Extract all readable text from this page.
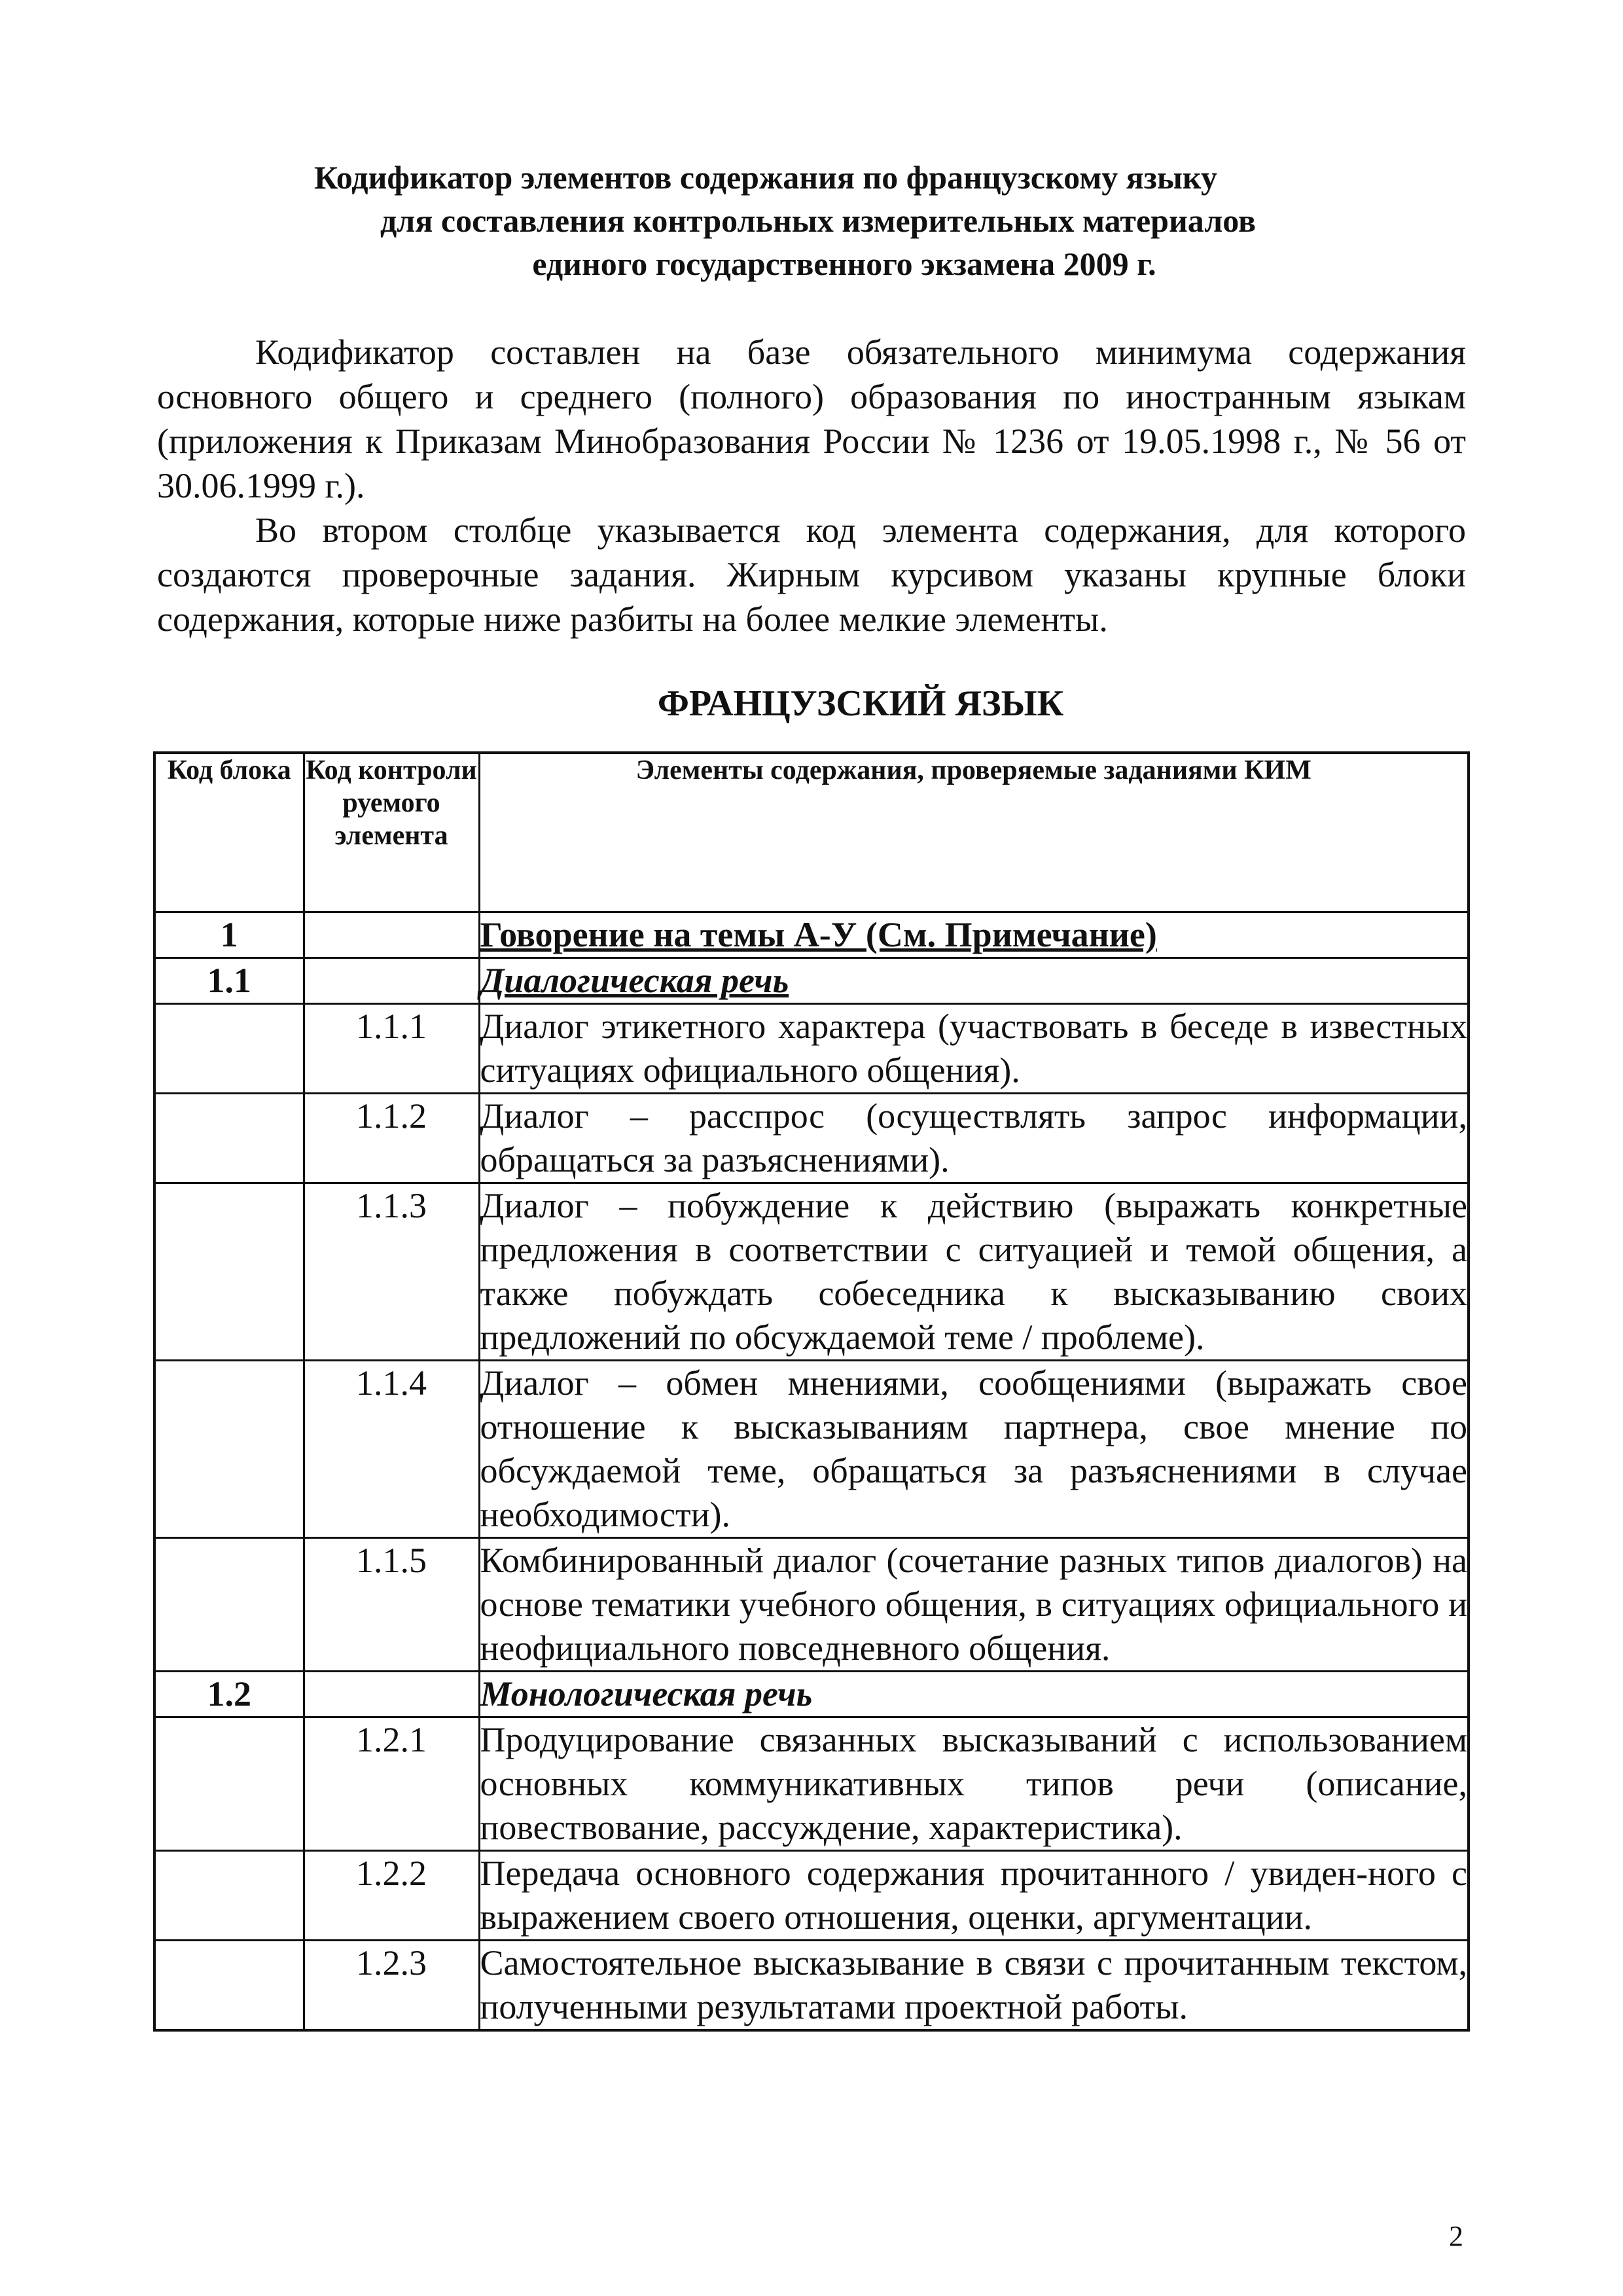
Кодификатор элементов содержания по французскому языку
для составления контрольных измерительных материалов
единого государственного экзамена 2009 г.

Кодификатор составлен на базе обязательного минимума содержания основного общего и среднего (полного) образования по иностранным языкам (приложения к Приказам Минобразования России № 1236 от 19.05.1998 г., № 56 от 30.06.1999 г.).

Во втором столбце указывается код элемента содержания, для которого создаются проверочные задания. Жирным курсивом указаны крупные блоки содержания, которые ниже разбиты на более мелкие элементы.

ФРАНЦУЗСКИЙ ЯЗЫК
Код блока	Код контроли руемого элемента	Элементы содержания, проверяемые заданиями КИМ
1		Говорение на темы А-У (См. Примечание)
1.1		Диалогическая речь
	1.1.1	Диалог этикетного характера (участвовать в беседе в известных ситуациях официального общения).
	1.1.2	Диалог – расспрос (осуществлять запрос информации, обращаться за разъяснениями).
	1.1.3	Диалог – побуждение к действию (выражать конкретные предложения в соответствии с ситуацией и темой общения, а также побуждать собеседника к высказыванию своих предложений по обсуждаемой теме / проблеме).
	1.1.4	Диалог – обмен мнениями, сообщениями (выражать свое отношение к высказываниям партнера, свое мнение по обсуждаемой теме, обращаться за разъяснениями в случае необходимости).
	1.1.5	Комбинированный диалог (сочетание разных типов диалогов) на основе тематики учебного общения, в ситуациях официального и неофициального повседневного общения.
1.2		Монологическая речь
	1.2.1	Продуцирование связанных высказываний с использованием основных коммуникативных типов речи (описание, повествование, рассуждение, характеристика).
	1.2.2	Передача основного содержания прочитанного / увиден-ного с выражением своего отношения, оценки, аргументации.
	1.2.3	Самостоятельное высказывание в связи с прочитанным текстом, полученными результатами проектной работы.
2
